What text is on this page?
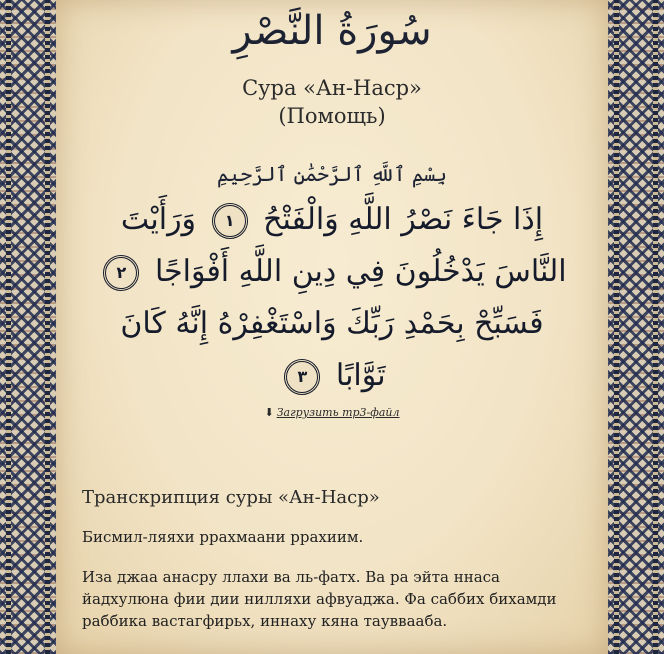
سُورَةُ النَّصْرِ
Сура «Ан-Наср»
(Помощь)
بِسْمِ ٱللَّهِ ٱلرَّحْمَٰنِ ٱلرَّحِيمِ
إِذَا جَاءَ نَصْرُ اللَّهِ وَالْفَتْحُ ١ وَرَأَيْتَ النَّاسَ يَدْخُلُونَ فِي دِينِ اللَّهِ أَفْوَاجًا ٢ فَسَبِّحْ بِحَمْدِ رَبِّكَ وَاسْتَغْفِرْهُ إِنَّهُ كَانَ تَوَّابًا ٣
⬇ Загрузить mp3-файл
Транскрипция суры «Ан-Наср»
Бисмил-ляяхи ррахмаани ррахиим.
Иза джаа анасру ллахи ва ль-фатх. Ва ра эйта ннаса йадхулюна фии дии нилляхи афвуаджа. Фа саббих бихамди раббика вастагфирьх, иннаху кяна тауввааба.
